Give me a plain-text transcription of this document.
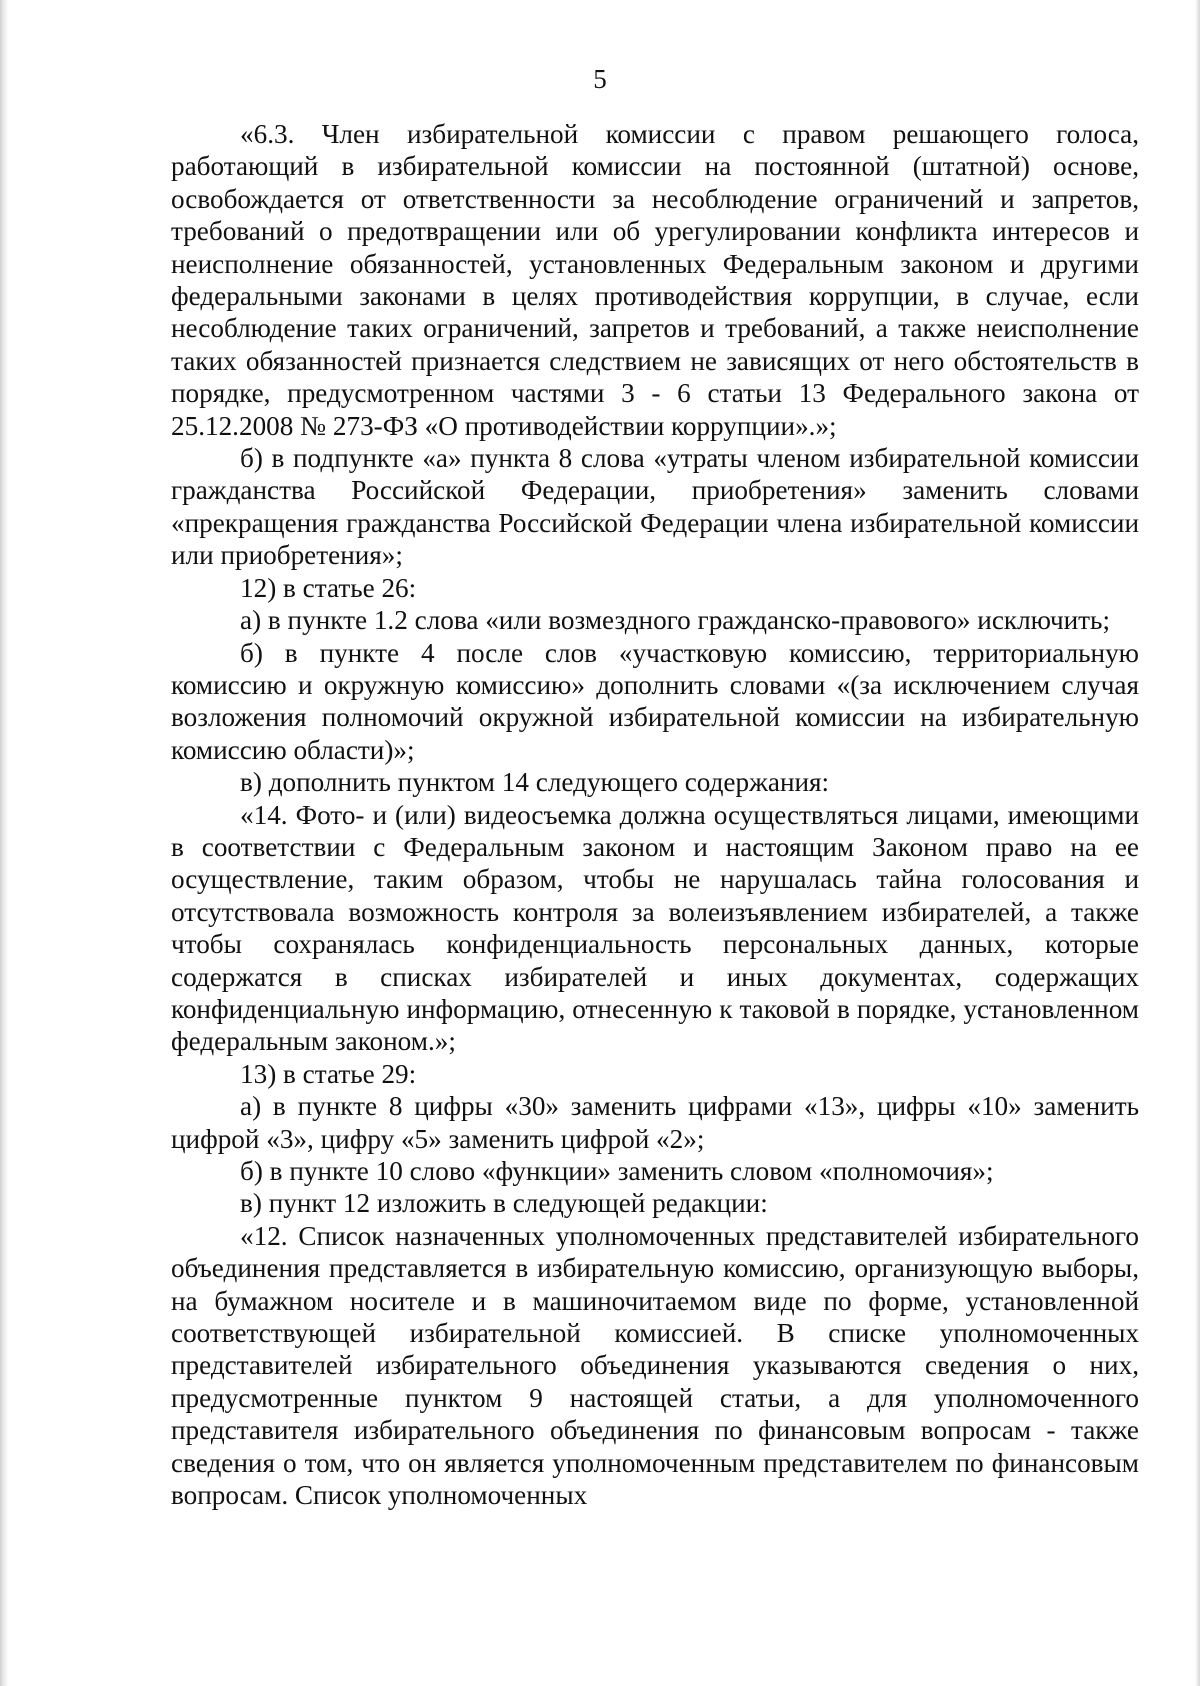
5

«6.3. Член избирательной комиссии с правом решающего голоса, работающий в избирательной комиссии на постоянной (штатной) основе, освобождается от ответственности за несоблюдение ограничений и запретов, требований о предотвращении или об урегулировании конфликта интересов и неисполнение обязанностей, установленных Федеральным законом и другими федеральными законами в целях противодействия коррупции, в случае, если несоблюдение таких ограничений, запретов и требований, а также неисполнение таких обязанностей признается следствием не зависящих от него обстоятельств в порядке, предусмотренном частями 3 - 6 статьи 13 Федерального закона от 25.12.2008 № 273-ФЗ «О противодействии коррупции».»;

б) в подпункте «а» пункта 8 слова «утраты членом избирательной комиссии гражданства Российской Федерации, приобретения» заменить словами «прекращения гражданства Российской Федерации члена избирательной комиссии или приобретения»;

12) в статье 26:

а) в пункте 1.2 слова «или возмездного гражданско-правового» исключить;

б) в пункте 4 после слов «участковую комиссию, территориальную комиссию и окружную комиссию» дополнить словами «(за исключением случая возложения полномочий окружной избирательной комиссии на избирательную комиссию области)»;

в) дополнить пунктом 14 следующего содержания:

«14. Фото- и (или) видеосъемка должна осуществляться лицами, имеющими в соответствии с Федеральным законом и настоящим Законом право на ее осуществление, таким образом, чтобы не нарушалась тайна голосования и отсутствовала возможность контроля за волеизъявлением избирателей, а также чтобы сохранялась конфиденциальность персональных данных, которые содержатся в списках избирателей и иных документах, содержащих конфиденциальную информацию, отнесенную к таковой в порядке, установленном федеральным законом.»;

13) в статье 29:

а) в пункте 8 цифры «30» заменить цифрами «13», цифры «10» заменить цифрой «3», цифру «5» заменить цифрой «2»;

б) в пункте 10 слово «функции» заменить словом «полномочия»;

в) пункт 12 изложить в следующей редакции:

«12. Список назначенных уполномоченных представителей избирательного объединения представляется в избирательную комиссию, организующую выборы, на бумажном носителе и в машиночитаемом виде по форме, установленной соответствующей избирательной комиссией. В списке уполномоченных представителей избирательного объединения указываются сведения о них, предусмотренные пунктом 9 настоящей статьи, а для уполномоченного представителя избирательного объединения по финансовым вопросам - также сведения о том, что он является уполномоченным представителем по финансовым вопросам. Список уполномоченных
